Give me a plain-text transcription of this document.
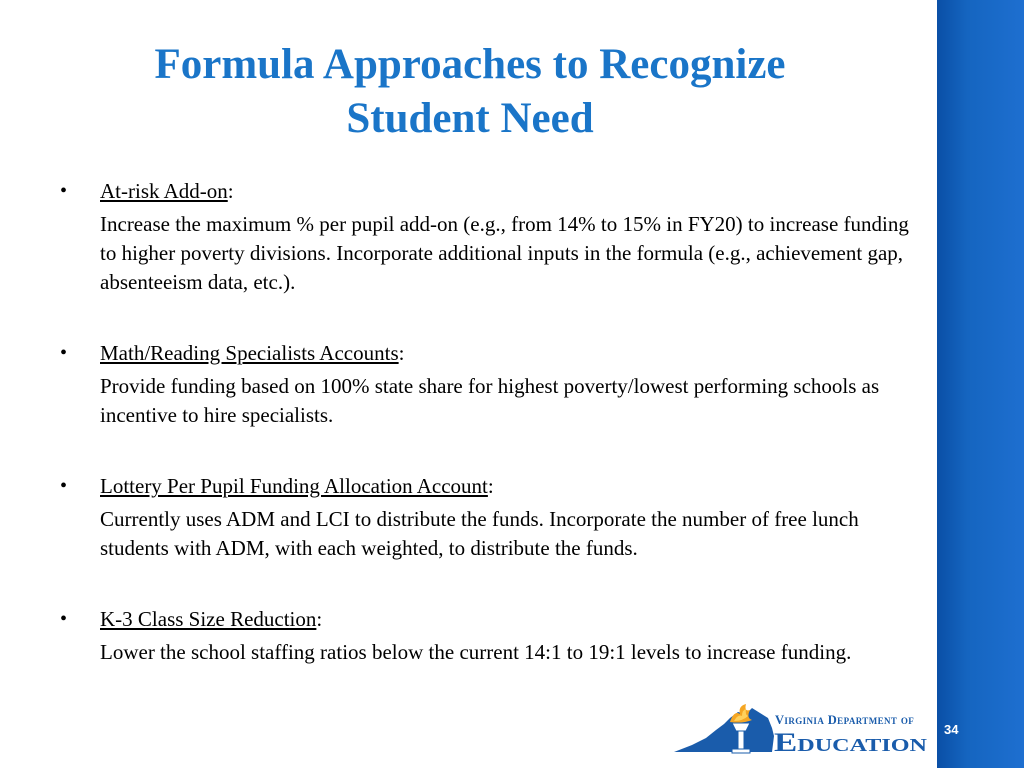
Formula Approaches to Recognize
Student Need
• At-risk Add-on:
Increase the maximum % per pupil add-on (e.g., from 14% to 15% in FY20) to increase funding to higher poverty divisions. Incorporate additional inputs in the formula (e.g., achievement gap, absenteeism data, etc.).
• Math/Reading Specialists Accounts:
Provide funding based on 100% state share for highest poverty/lowest performing schools as incentive to hire specialists.
• Lottery Per Pupil Funding Allocation Account:
Currently uses ADM and LCI to distribute the funds. Incorporate the number of free lunch students with ADM, with each weighted, to distribute the funds.
• K-3 Class Size Reduction:
Lower the school staffing ratios below the current 14:1 to 19:1 levels to increase funding.
34
Virginia Department of
Education
